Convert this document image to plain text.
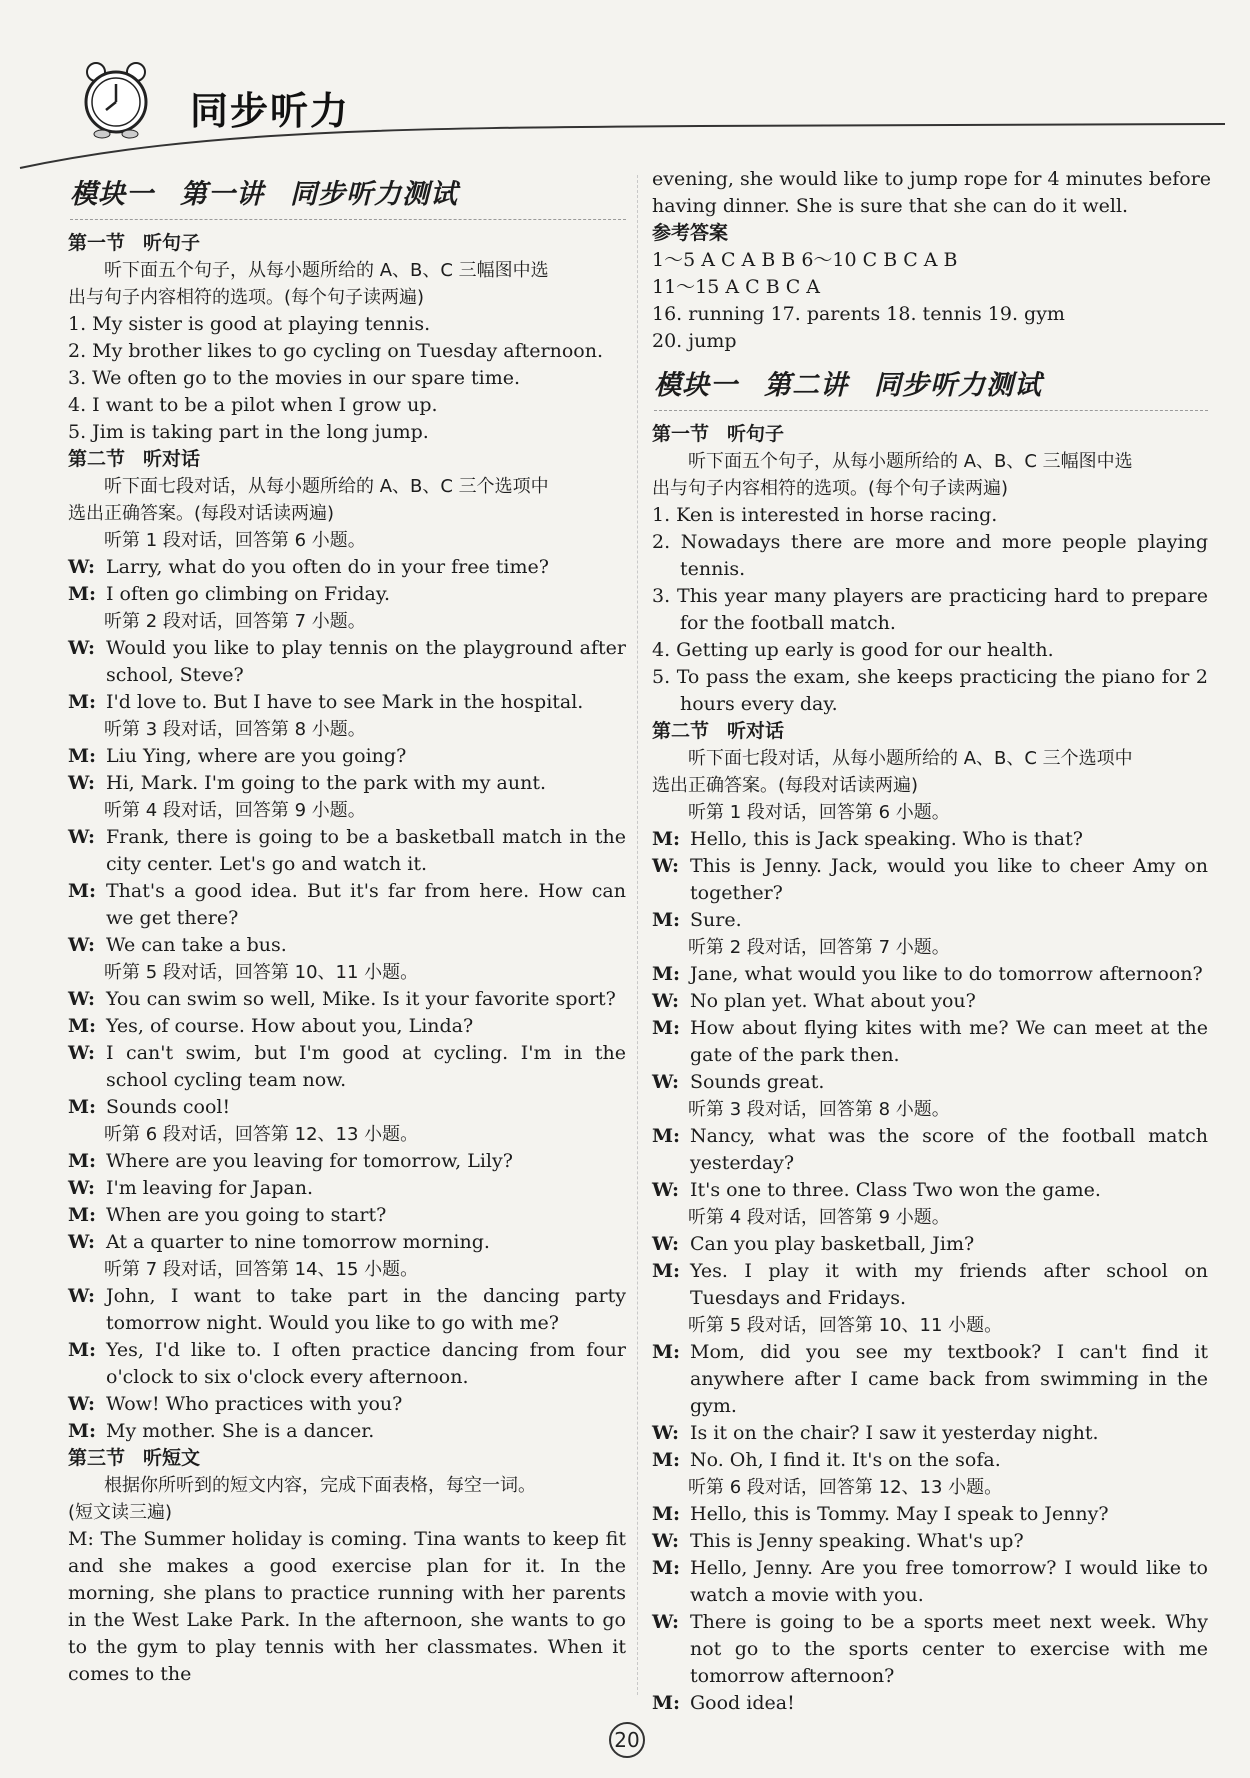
同步听力
模块一 第一讲 同步听力测试
第一节 听句子
听下面五个句子，从每小题所给的 A、B、C 三幅图中选
出与句子内容相符的选项。(每个句子读两遍)
1. My sister is good at playing tennis.
2. My brother likes to go cycling on Tuesday afternoon.
3. We often go to the movies in our spare time.
4. I want to be a pilot when I grow up.
5. Jim is taking part in the long jump.
第二节 听对话
听下面七段对话，从每小题所给的 A、B、C 三个选项中
选出正确答案。(每段对话读两遍)
听第 1 段对话，回答第 6 小题。
W: Larry, what do you often do in your free time?
M: I often go climbing on Friday.
听第 2 段对话，回答第 7 小题。
W: Would you like to play tennis on the playground after school, Steve?
M: I'd love to. But I have to see Mark in the hospital.
听第 3 段对话，回答第 8 小题。
M: Liu Ying, where are you going?
W: Hi, Mark. I'm going to the park with my aunt.
听第 4 段对话，回答第 9 小题。
W: Frank, there is going to be a basketball match in the city center. Let's go and watch it.
M: That's a good idea. But it's far from here. How can we get there?
W: We can take a bus.
听第 5 段对话，回答第 10、11 小题。
W: You can swim so well, Mike. Is it your favorite sport?
M: Yes, of course. How about you, Linda?
W: I can't swim, but I'm good at cycling. I'm in the school cycling team now.
M: Sounds cool!
听第 6 段对话，回答第 12、13 小题。
M: Where are you leaving for tomorrow, Lily?
W: I'm leaving for Japan.
M: When are you going to start?
W: At a quarter to nine tomorrow morning.
听第 7 段对话，回答第 14、15 小题。
W: John, I want to take part in the dancing party tomorrow night. Would you like to go with me?
M: Yes, I'd like to. I often practice dancing from four o'clock to six o'clock every afternoon.
W: Wow! Who practices with you?
M: My mother. She is a dancer.
第三节 听短文
根据你所听到的短文内容，完成下面表格，每空一词。
(短文读三遍)
M: The Summer holiday is coming. Tina wants to keep fit and she makes a good exercise plan for it. In the morning, she plans to practice running with her parents in the West Lake Park. In the afternoon, she wants to go to the gym to play tennis with her classmates. When it comes to the
evening, she would like to jump rope for 4 minutes before
having dinner. She is sure that she can do it well.
参考答案
1～5 A C A B B 6～10 C B C A B
11～15 A C B C A
16. running 17. parents 18. tennis 19. gym
20. jump
模块一 第二讲 同步听力测试
第一节 听句子
听下面五个句子，从每小题所给的 A、B、C 三幅图中选
出与句子内容相符的选项。(每个句子读两遍)
1. Ken is interested in horse racing.
2. Nowadays there are more and more people playing tennis.
3. This year many players are practicing hard to prepare for the football match.
4. Getting up early is good for our health.
5. To pass the exam, she keeps practicing the piano for 2 hours every day.
第二节 听对话
听下面七段对话，从每小题所给的 A、B、C 三个选项中
选出正确答案。(每段对话读两遍)
听第 1 段对话，回答第 6 小题。
M: Hello, this is Jack speaking. Who is that?
W: This is Jenny. Jack, would you like to cheer Amy on together?
M: Sure.
听第 2 段对话，回答第 7 小题。
M: Jane, what would you like to do tomorrow afternoon?
W: No plan yet. What about you?
M: How about flying kites with me? We can meet at the gate of the park then.
W: Sounds great.
听第 3 段对话，回答第 8 小题。
M: Nancy, what was the score of the football match yesterday?
W: It's one to three. Class Two won the game.
听第 4 段对话，回答第 9 小题。
W: Can you play basketball, Jim?
M: Yes. I play it with my friends after school on Tuesdays and Fridays.
听第 5 段对话，回答第 10、11 小题。
M: Mom, did you see my textbook? I can't find it anywhere after I came back from swimming in the gym.
W: Is it on the chair? I saw it yesterday night.
M: No. Oh, I find it. It's on the sofa.
听第 6 段对话，回答第 12、13 小题。
M: Hello, this is Tommy. May I speak to Jenny?
W: This is Jenny speaking. What's up?
M: Hello, Jenny. Are you free tomorrow? I would like to watch a movie with you.
W: There is going to be a sports meet next week. Why not go to the sports center to exercise with me tomorrow afternoon?
M: Good idea!
20
